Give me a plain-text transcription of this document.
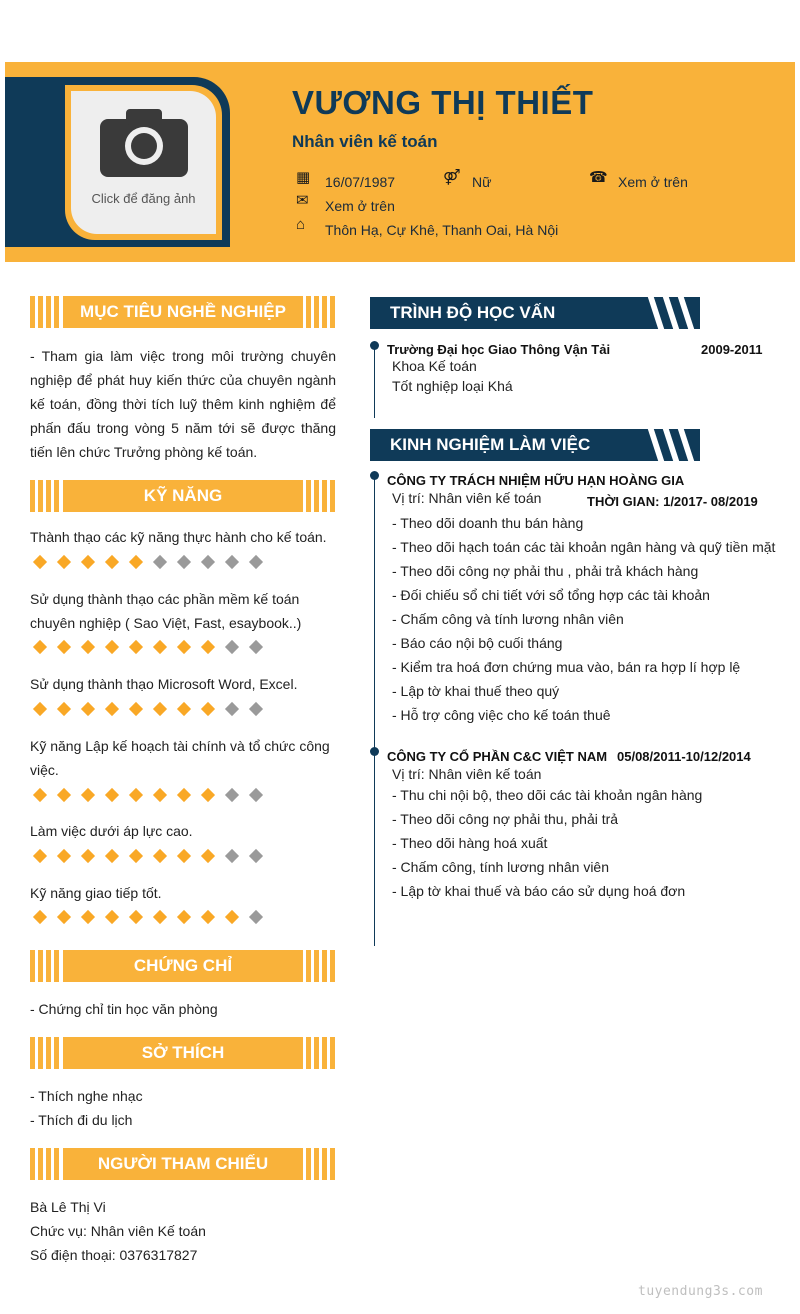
Click để đăng ảnh
VƯƠNG THỊ THIẾT
Nhân viên kế toán
▦ 16/07/1987	⚤ Nữ	☎ Xem ở trên
✉ Xem ở trên
⌂ Thôn Hạ, Cự Khê, Thanh Oai, Hà Nội
MỤC TIÊU NGHỀ NGHIỆP
- Tham gia làm việc trong môi trường chuyên nghiệp để phát huy kiến thức của chuyên ngành kế toán, đồng thời tích luỹ thêm kinh nghiệm để phấn đấu trong vòng 5 năm tới sẽ được thăng tiến lên chức Trưởng phòng kế toán.
KỸ NĂNG
Thành thạo các kỹ năng thực hành cho kế toán.
Sử dụng thành thạo các phần mềm kế toán chuyên nghiệp ( Sao Việt, Fast, esaybook..)
Sử dụng thành thạo Microsoft Word, Excel.
Kỹ năng Lập kế hoạch tài chính và tổ chức công việc.
Làm việc dưới áp lực cao.
Kỹ năng giao tiếp tốt.
CHỨNG CHỈ
- Chứng chỉ tin học văn phòng
SỞ THÍCH
- Thích nghe nhạc
- Thích đi du lịch
NGƯỜI THAM CHIẾU
Bà Lê Thị Vi
Chức vụ: Nhân viên Kế toán
Số điện thoại: 0376317827
TRÌNH ĐỘ HỌC VẤN
Trường Đại học Giao Thông Vận Tải	2009-2011
Khoa Kế toán
Tốt nghiệp loại Khá
KINH NGHIỆM LÀM VIỆC
CÔNG TY TRÁCH NHIỆM HỮU HẠN HOÀNG GIA
Vị trí: Nhân viên kế toán	THỜI GIAN: 1/2017- 08/2019
- Theo dõi doanh thu bán hàng
- Theo dõi hạch toán các tài khoản ngân hàng và quỹ tiền mặt
- Theo dõi công nợ phải thu , phải trả khách hàng
- Đối chiếu sổ chi tiết với sổ tổng hợp các tài khoản
- Chấm công và tính lương nhân viên
- Báo cáo nội bộ cuối tháng
- Kiểm tra hoá đơn chứng mua vào, bán ra hợp lí hợp lệ
- Lập tờ khai thuế theo quý
- Hỗ trợ công việc cho kế toán thuê
CÔNG TY CỔ PHẦN C&C VIỆT NAM 05/08/2011-10/12/2014
Vị trí: Nhân viên kế toán
- Thu chi nội bộ, theo dõi các tài khoản ngân hàng
- Theo dõi công nợ phải thu, phải trả
- Theo dõi hàng hoá xuất
- Chấm công, tính lương nhân viên
- Lập tờ khai thuế và báo cáo sử dụng hoá đơn
tuyendung3s.com
